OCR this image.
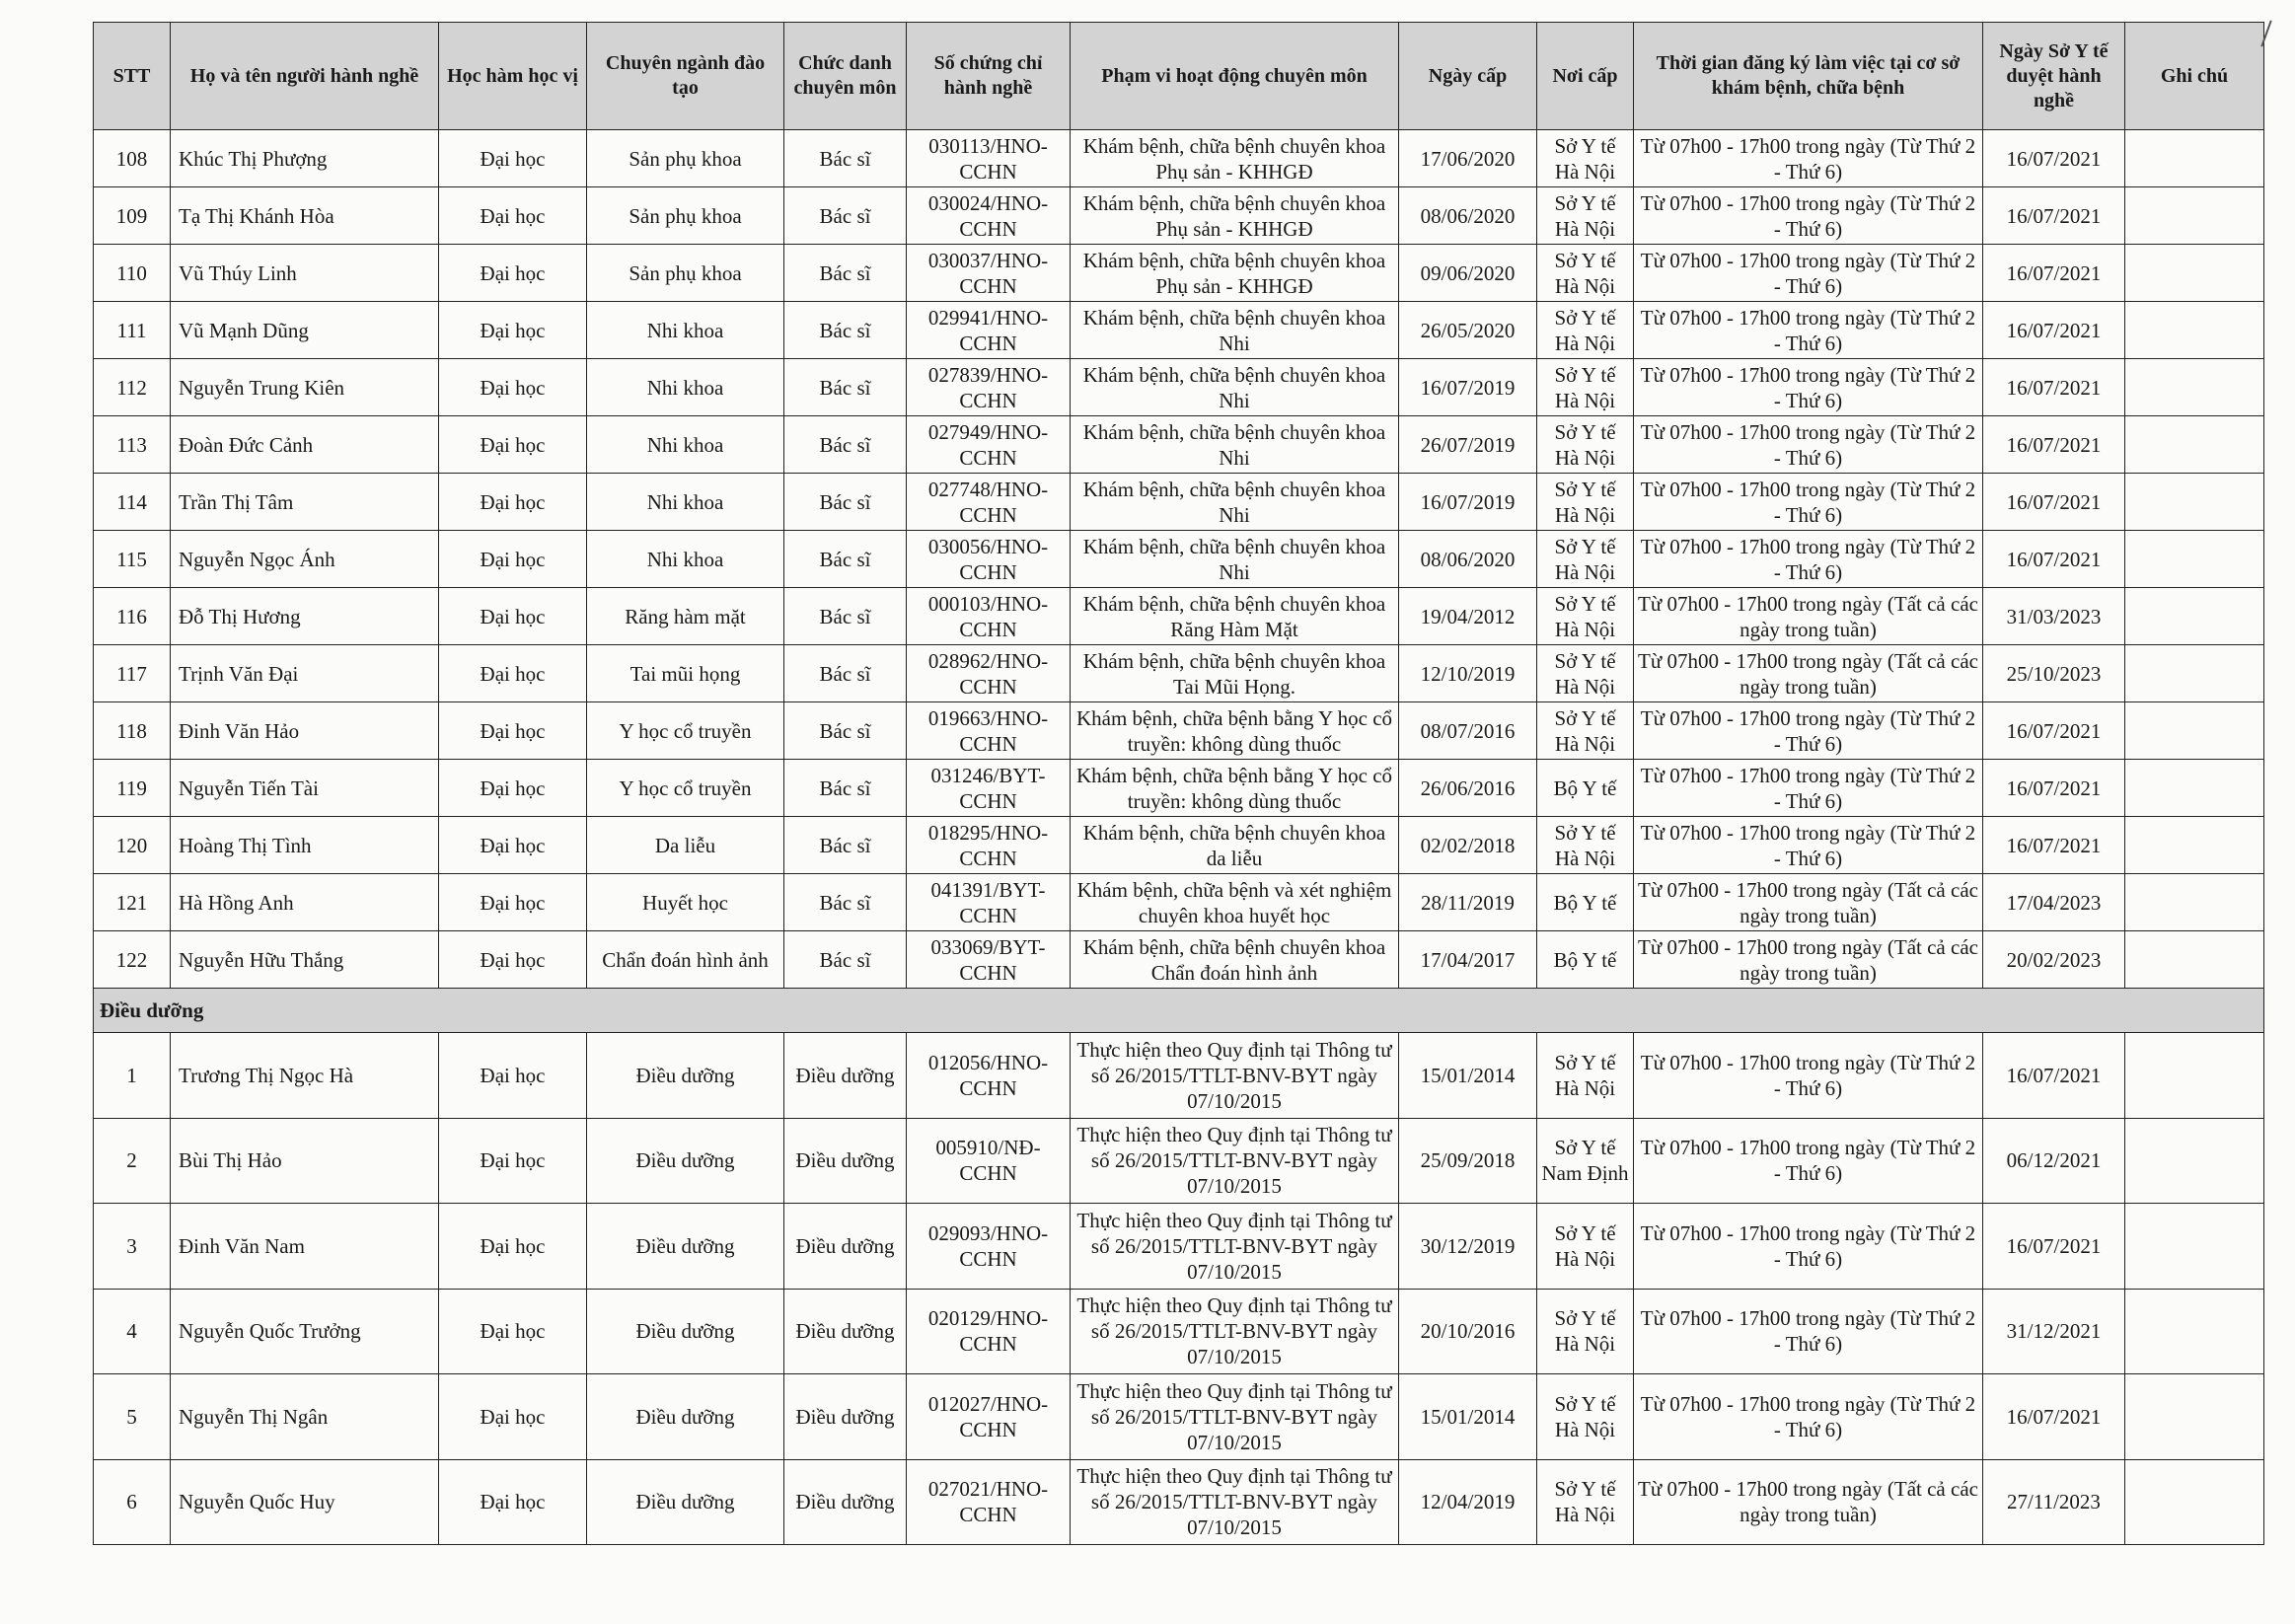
STT	Họ và tên người hành nghề	Học hàm học vị	Chuyên ngành đào tạo	Chức danh chuyên môn	Số chứng chỉ hành nghề	Phạm vi hoạt động chuyên môn	Ngày cấp	Nơi cấp	Thời gian đăng ký làm việc tại cơ sở khám bệnh, chữa bệnh	Ngày Sở Y tế duyệt hành nghề	Ghi chú
108	Khúc Thị Phượng	Đại học	Sản phụ khoa	Bác sĩ	030113/HNO-CCHN	Khám bệnh, chữa bệnh chuyên khoa Phụ sản - KHHGĐ	17/06/2020	Sở Y tế Hà Nội	Từ 07h00 - 17h00 trong ngày (Từ Thứ 2 - Thứ 6)	16/07/2021	
109	Tạ Thị Khánh Hòa	Đại học	Sản phụ khoa	Bác sĩ	030024/HNO-CCHN	Khám bệnh, chữa bệnh chuyên khoa Phụ sản - KHHGĐ	08/06/2020	Sở Y tế Hà Nội	Từ 07h00 - 17h00 trong ngày (Từ Thứ 2 - Thứ 6)	16/07/2021	
110	Vũ Thúy Linh	Đại học	Sản phụ khoa	Bác sĩ	030037/HNO-CCHN	Khám bệnh, chữa bệnh chuyên khoa Phụ sản - KHHGĐ	09/06/2020	Sở Y tế Hà Nội	Từ 07h00 - 17h00 trong ngày (Từ Thứ 2 - Thứ 6)	16/07/2021	
111	Vũ Mạnh Dũng	Đại học	Nhi khoa	Bác sĩ	029941/HNO-CCHN	Khám bệnh, chữa bệnh chuyên khoa Nhi	26/05/2020	Sở Y tế Hà Nội	Từ 07h00 - 17h00 trong ngày (Từ Thứ 2 - Thứ 6)	16/07/2021	
112	Nguyễn Trung Kiên	Đại học	Nhi khoa	Bác sĩ	027839/HNO-CCHN	Khám bệnh, chữa bệnh chuyên khoa Nhi	16/07/2019	Sở Y tế Hà Nội	Từ 07h00 - 17h00 trong ngày (Từ Thứ 2 - Thứ 6)	16/07/2021	
113	Đoàn Đức Cảnh	Đại học	Nhi khoa	Bác sĩ	027949/HNO-CCHN	Khám bệnh, chữa bệnh chuyên khoa Nhi	26/07/2019	Sở Y tế Hà Nội	Từ 07h00 - 17h00 trong ngày (Từ Thứ 2 - Thứ 6)	16/07/2021	
114	Trần Thị Tâm	Đại học	Nhi khoa	Bác sĩ	027748/HNO-CCHN	Khám bệnh, chữa bệnh chuyên khoa Nhi	16/07/2019	Sở Y tế Hà Nội	Từ 07h00 - 17h00 trong ngày (Từ Thứ 2 - Thứ 6)	16/07/2021	
115	Nguyễn Ngọc Ánh	Đại học	Nhi khoa	Bác sĩ	030056/HNO-CCHN	Khám bệnh, chữa bệnh chuyên khoa Nhi	08/06/2020	Sở Y tế Hà Nội	Từ 07h00 - 17h00 trong ngày (Từ Thứ 2 - Thứ 6)	16/07/2021	
116	Đỗ Thị Hương	Đại học	Răng hàm mặt	Bác sĩ	000103/HNO-CCHN	Khám bệnh, chữa bệnh chuyên khoa Răng Hàm Mặt	19/04/2012	Sở Y tế Hà Nội	Từ 07h00 - 17h00 trong ngày (Tất cả các ngày trong tuần)	31/03/2023	
117	Trịnh Văn Đại	Đại học	Tai mũi họng	Bác sĩ	028962/HNO-CCHN	Khám bệnh, chữa bệnh chuyên khoa Tai Mũi Họng.	12/10/2019	Sở Y tế Hà Nội	Từ 07h00 - 17h00 trong ngày (Tất cả các ngày trong tuần)	25/10/2023	
118	Đinh Văn Hảo	Đại học	Y học cổ truyền	Bác sĩ	019663/HNO-CCHN	Khám bệnh, chữa bệnh bằng Y học cổ truyền: không dùng thuốc	08/07/2016	Sở Y tế Hà Nội	Từ 07h00 - 17h00 trong ngày (Từ Thứ 2 - Thứ 6)	16/07/2021	
119	Nguyễn Tiến Tài	Đại học	Y học cổ truyền	Bác sĩ	031246/BYT-CCHN	Khám bệnh, chữa bệnh bằng Y học cổ truyền: không dùng thuốc	26/06/2016	Bộ Y tế	Từ 07h00 - 17h00 trong ngày (Từ Thứ 2 - Thứ 6)	16/07/2021	
120	Hoàng Thị Tình	Đại học	Da liễu	Bác sĩ	018295/HNO-CCHN	Khám bệnh, chữa bệnh chuyên khoa da liễu	02/02/2018	Sở Y tế Hà Nội	Từ 07h00 - 17h00 trong ngày (Từ Thứ 2 - Thứ 6)	16/07/2021	
121	Hà Hồng Anh	Đại học	Huyết học	Bác sĩ	041391/BYT-CCHN	Khám bệnh, chữa bệnh và xét nghiệm chuyên khoa huyết học	28/11/2019	Bộ Y tế	Từ 07h00 - 17h00 trong ngày (Tất cả các ngày trong tuần)	17/04/2023	
122	Nguyễn Hữu Thắng	Đại học	Chẩn đoán hình ảnh	Bác sĩ	033069/BYT-CCHN	Khám bệnh, chữa bệnh chuyên khoa Chẩn đoán hình ảnh	17/04/2017	Bộ Y tế	Từ 07h00 - 17h00 trong ngày (Tất cả các ngày trong tuần)	20/02/2023	
Điều dưỡng											
1	Trương Thị Ngọc Hà	Đại học	Điều dưỡng	Điều dưỡng	012056/HNO-CCHN	Thực hiện theo Quy định tại Thông tư số 26/2015/TTLT-BNV-BYT ngày 07/10/2015	15/01/2014	Sở Y tế Hà Nội	Từ 07h00 - 17h00 trong ngày (Từ Thứ 2 - Thứ 6)	16/07/2021	
2	Bùi Thị Hảo	Đại học	Điều dưỡng	Điều dưỡng	005910/NĐ-CCHN	Thực hiện theo Quy định tại Thông tư số 26/2015/TTLT-BNV-BYT ngày 07/10/2015	25/09/2018	Sở Y tế Nam Định	Từ 07h00 - 17h00 trong ngày (Từ Thứ 2 - Thứ 6)	06/12/2021	
3	Đinh Văn Nam	Đại học	Điều dưỡng	Điều dưỡng	029093/HNO-CCHN	Thực hiện theo Quy định tại Thông tư số 26/2015/TTLT-BNV-BYT ngày 07/10/2015	30/12/2019	Sở Y tế Hà Nội	Từ 07h00 - 17h00 trong ngày (Từ Thứ 2 - Thứ 6)	16/07/2021	
4	Nguyễn Quốc Trưởng	Đại học	Điều dưỡng	Điều dưỡng	020129/HNO-CCHN	Thực hiện theo Quy định tại Thông tư số 26/2015/TTLT-BNV-BYT ngày 07/10/2015	20/10/2016	Sở Y tế Hà Nội	Từ 07h00 - 17h00 trong ngày (Từ Thứ 2 - Thứ 6)	31/12/2021	
5	Nguyễn Thị Ngân	Đại học	Điều dưỡng	Điều dưỡng	012027/HNO-CCHN	Thực hiện theo Quy định tại Thông tư số 26/2015/TTLT-BNV-BYT ngày 07/10/2015	15/01/2014	Sở Y tế Hà Nội	Từ 07h00 - 17h00 trong ngày (Từ Thứ 2 - Thứ 6)	16/07/2021	
6	Nguyễn Quốc Huy	Đại học	Điều dưỡng	Điều dưỡng	027021/HNO-CCHN	Thực hiện theo Quy định tại Thông tư số 26/2015/TTLT-BNV-BYT ngày 07/10/2015	12/04/2019	Sở Y tế Hà Nội	Từ 07h00 - 17h00 trong ngày (Tất cả các ngày trong tuần)	27/11/2023	
